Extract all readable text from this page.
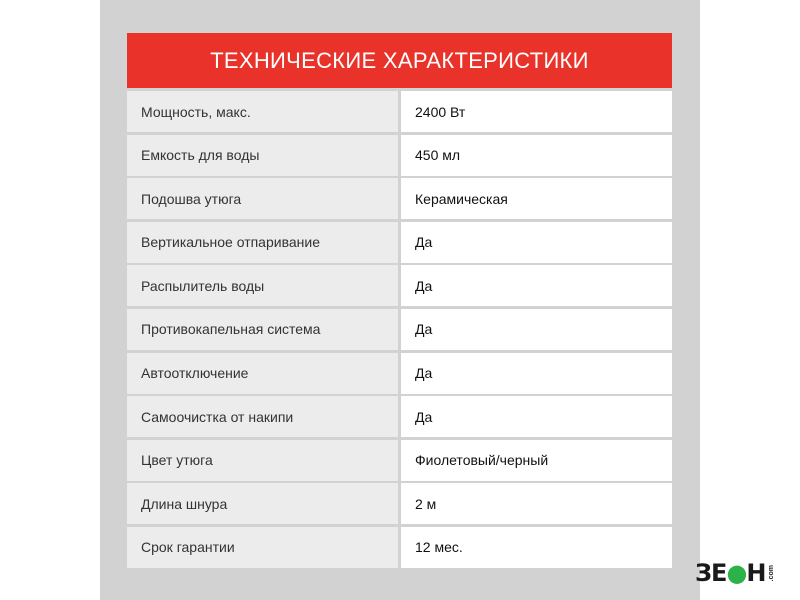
ТЕХНИЧЕСКИЕ ХАРАКТЕРИСТИКИ
Мощность, макс.	2400 Вт
Емкость для воды	450 мл
Подошва утюга	Керамическая
Вертикальное отпаривание	Да
Распылитель воды	Да
Противокапельная система	Да
Автоотключение	Да
Самоочистка от накипи	Да
Цвет утюга	Фиолетовый/черный
Длина шнура	2 м
Срок гарантии	12 мес.
ЗЕ●Н .com
